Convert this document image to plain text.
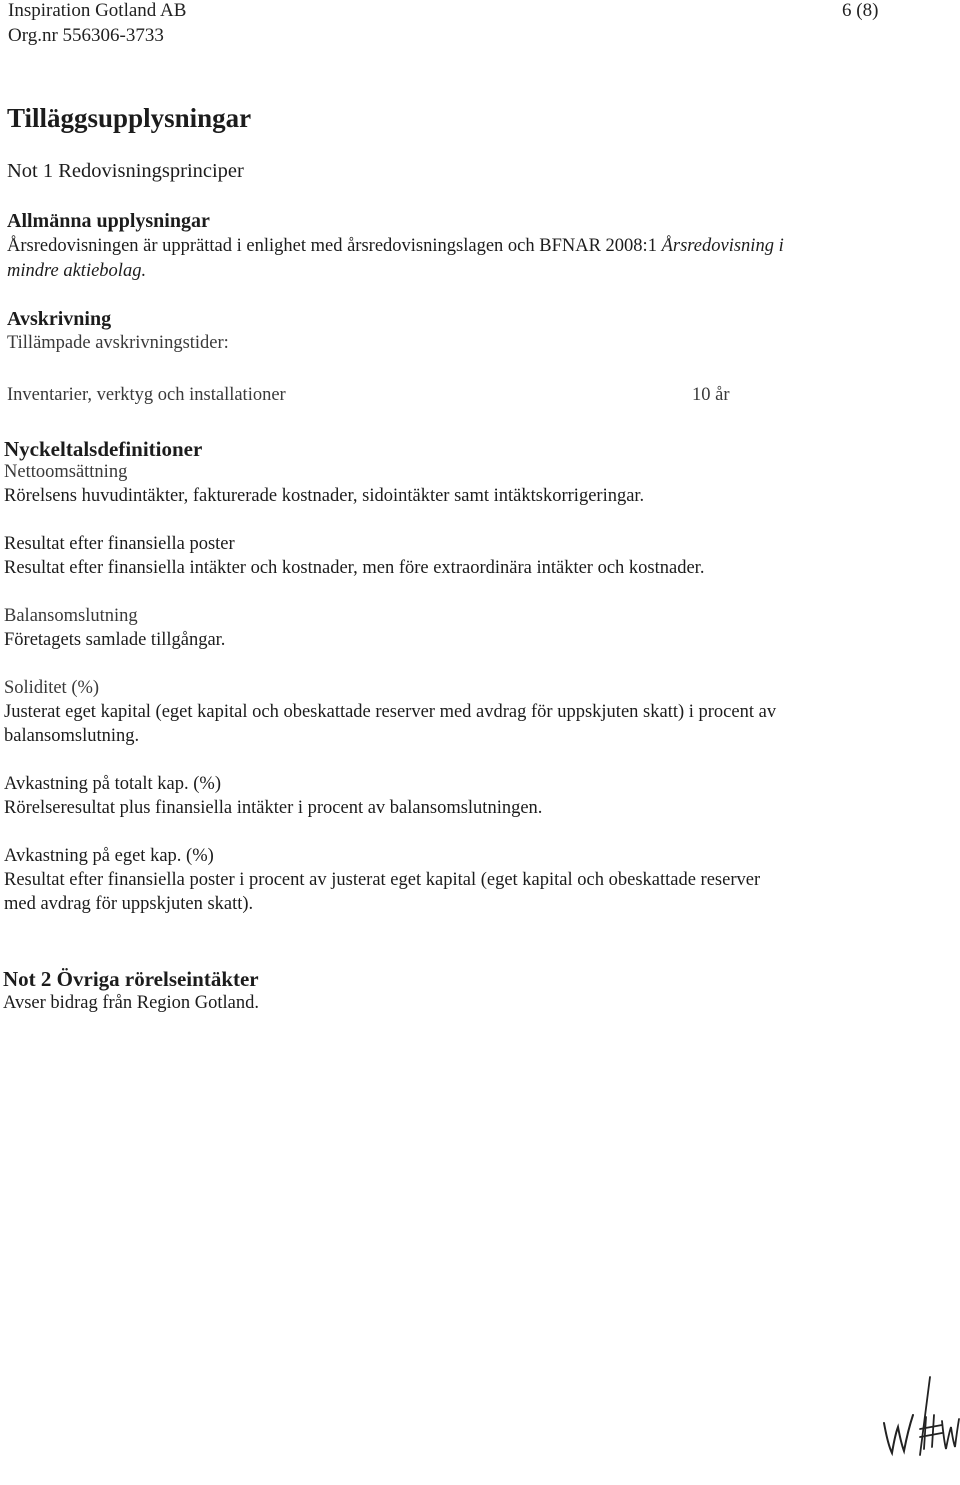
Inspiration Gotland AB
Org.nr 556306-3733
6 (8)
Tilläggsupplysningar
Not 1 Redovisningsprinciper
Allmänna upplysningar
Årsredovisningen är upprättad i enlighet med årsredovisningslagen och BFNAR 2008:1 Årsredovisning i
mindre aktiebolag.
Avskrivning
Tillämpade avskrivningstider:
Inventarier, verktyg och installationer	10 år
Nyckeltalsdefinitioner
Nettoomsättning
Rörelsens huvudintäkter, fakturerade kostnader, sidointäkter samt intäktskorrigeringar.
Resultat efter finansiella poster
Resultat efter finansiella intäkter och kostnader, men före extraordinära intäkter och kostnader.
Balansomslutning
Företagets samlade tillgångar.
Soliditet (%)
Justerat eget kapital (eget kapital och obeskattade reserver med avdrag för uppskjuten skatt) i procent av
balansomslutning.
Avkastning på totalt kap. (%)
Rörelseresultat plus finansiella intäkter i procent av balansomslutningen.
Avkastning på eget kap. (%)
Resultat efter finansiella poster i procent av justerat eget kapital (eget kapital och obeskattade reserver
med avdrag för uppskjuten skatt).
Not 2 Övriga rörelseintäkter
Avser bidrag från Region Gotland.
